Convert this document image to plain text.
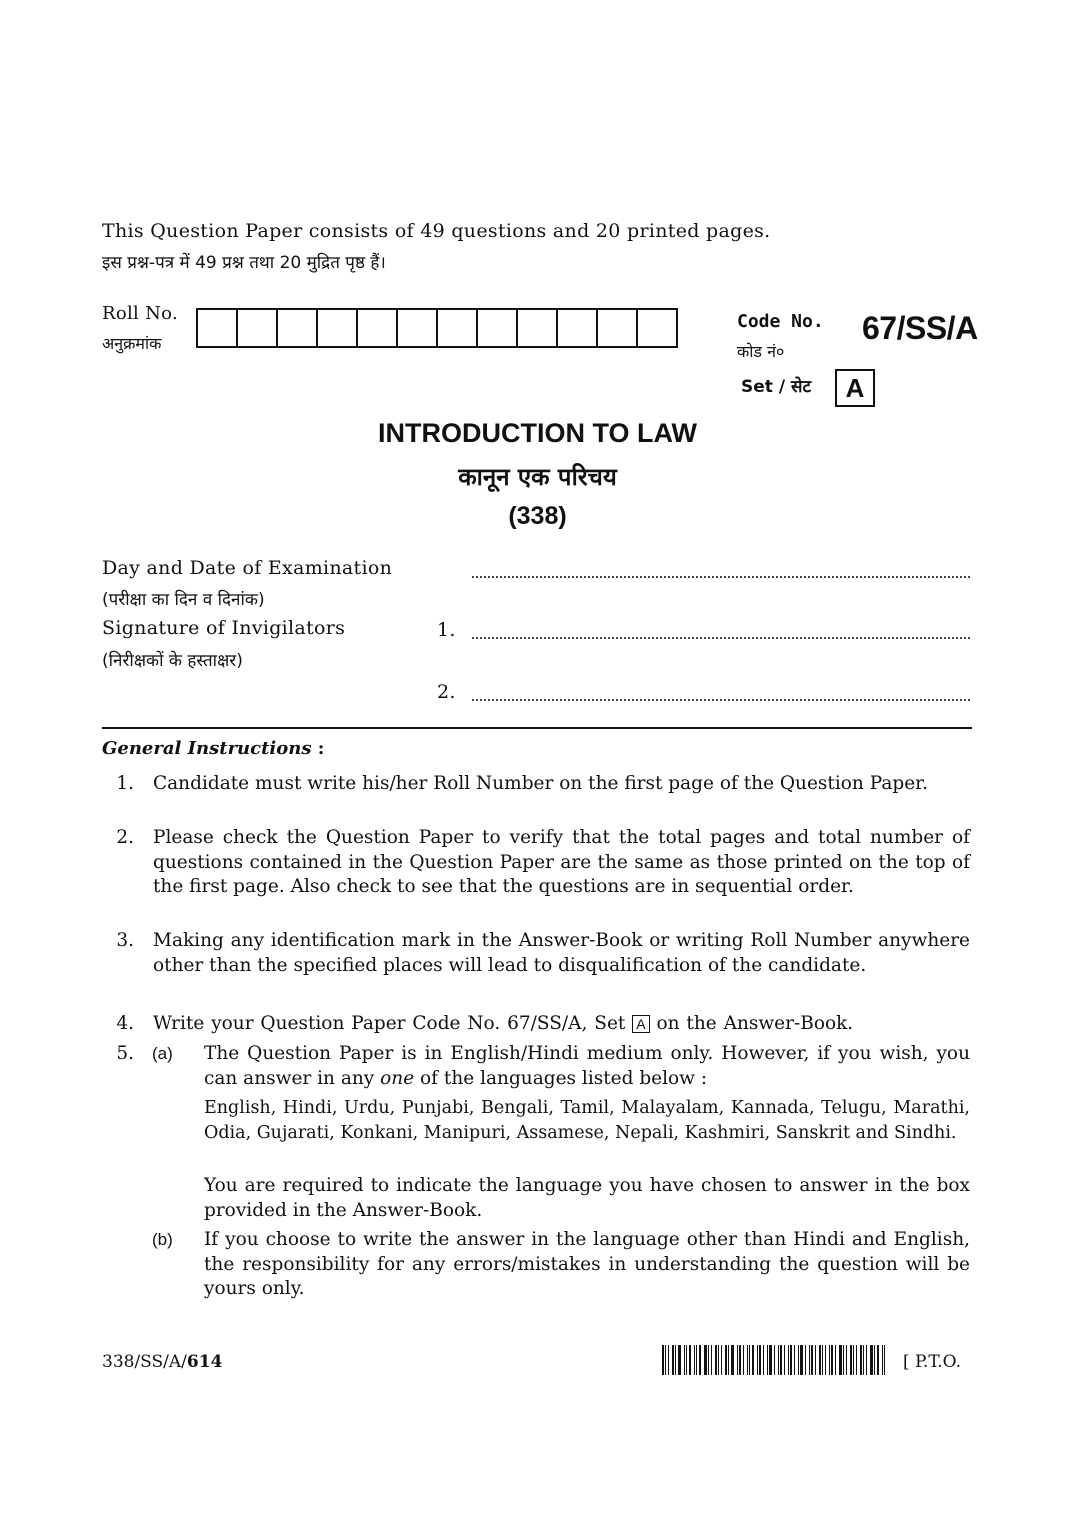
This Question Paper consists of 49 questions and 20 printed pages.
इस प्रश्न-पत्र में 49 प्रश्न तथा 20 मुद्रित पृष्ठ हैं।
Roll No.
अनुक्रमांक
Code No.
कोड नं०
67/SS/A
Set / सेट	A
INTRODUCTION TO LAW
कानून एक परिचय
(338)
Day and Date of Examination
(परीक्षा का दिन व दिनांक)
Signature of Invigilators
(निरीक्षकों के हस्ताक्षर)
1.
2.
General Instructions :
1. Candidate must write his/her Roll Number on the first page of the Question Paper.
2. Please check the Question Paper to verify that the total pages and total number of questions contained in the Question Paper are the same as those printed on the top of the first page. Also check to see that the questions are in sequential order.
3. Making any identification mark in the Answer-Book or writing Roll Number anywhere other than the specified places will lead to disqualification of the candidate.
4. Write your Question Paper Code No. 67/SS/A, Set A on the Answer-Book.
5. (a) The Question Paper is in English/Hindi medium only. However, if you wish, you can answer in any one of the languages listed below :
English, Hindi, Urdu, Punjabi, Bengali, Tamil, Malayalam, Kannada, Telugu, Marathi, Odia, Gujarati, Konkani, Manipuri, Assamese, Nepali, Kashmiri, Sanskrit and Sindhi.
You are required to indicate the language you have chosen to answer in the box provided in the Answer-Book.
(b) If you choose to write the answer in the language other than Hindi and English, the responsibility for any errors/mistakes in understanding the question will be yours only.
338/SS/A/614	[ P.T.O.
